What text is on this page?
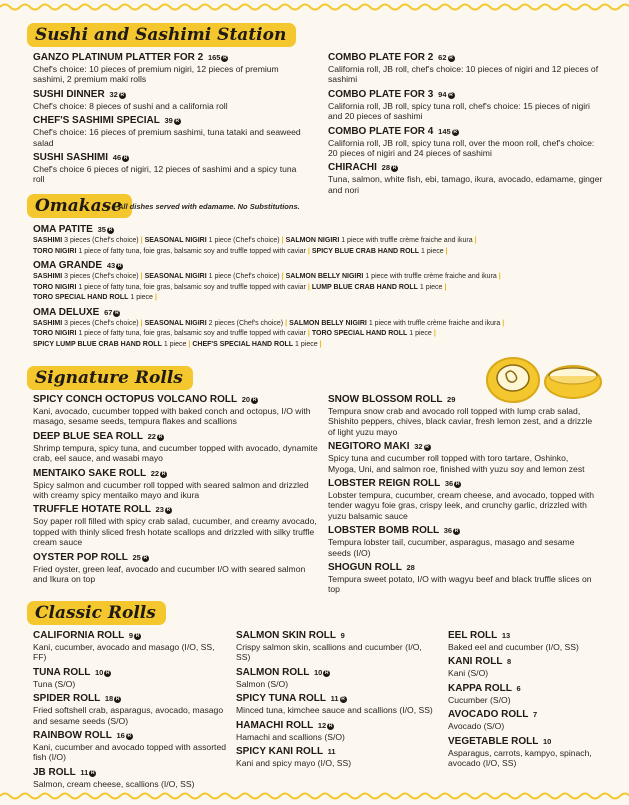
Sushi and Sashimi Station
GANZO PLATINUM PLATTER FOR 2 165 R
Chef's choice: 10 pieces of premium nigiri, 12 pieces of premium sashimi, 2 premium maki rolls
SUSHI DINNER 32 R
Chef's choice: 8 pieces of sushi and a california roll
CHEF'S SASHIMI SPECIAL 39 R
Chef's choice: 16 pieces of premium sashimi, tuna tataki and seaweed salad
SUSHI SASHIMI 46 R
Chef's choice 6 pieces of nigiri, 12 pieces of sashimi and a spicy tuna roll
COMBO PLATE FOR 2 62 R
California roll, JB roll, chef's choice: 10 pieces of nigiri and 12 pieces of sashimi
COMBO PLATE FOR 3 94 R
California roll, JB roll, spicy tuna roll, chef's choice: 15 pieces of nigiri and 20 pieces of sashimi
COMBO PLATE FOR 4 145 R
California roll, JB roll, spicy tuna roll, over the moon roll, chef's choice: 20 pieces of nigiri and 24 pieces of sashimi
CHIRACHI 28 R
Tuna, salmon, white fish, ebi, tamago, ikura, avocado, edamame, ginger and nori
Omakase
All dishes served with edamame. No Substitutions.
OMA PATITE 35 R
SASHIMI 3 pieces (Chef's choice) | SEASONAL NIGIRI 1 piece (Chef's choice) | SALMON NIGIRI 1 piece with truffle crème fraiche and ikura |
TORO NIGIRI 1 piece of fatty tuna, foie gras, balsamic soy and truffle topped with caviar | SPICY BLUE CRAB HAND ROLL 1 piece |
OMA GRANDE 43 R
SASHIMI 3 pieces (Chef's choice) | SEASONAL NIGIRI 1 piece (Chef's choice) | SALMON BELLY NIGIRI 1 piece with truffle crème fraiche and ikura |
TORO NIGIRI 1 piece of fatty tuna, foie gras, balsamic soy and truffle topped with caviar | LUMP BLUE CRAB HAND ROLL 1 piece |
TORO SPECIAL HAND ROLL 1 piece |
OMA DELUXE 67 R
SASHIMI 3 pieces (Chef's choice) | SEASONAL NIGIRI 2 pieces (Chef's choice) | SALMON BELLY NIGIRI 1 piece with truffle crème fraiche and ikura |
TORO NIGIRI 1 piece of fatty tuna, foie gras, balsamic soy and truffle topped with caviar | TORO SPECIAL HAND ROLL 1 piece |
SPICY LUMP BLUE CRAB HAND ROLL 1 piece | CHEF'S SPECIAL HAND ROLL 1 piece |
Signature Rolls
SPICY CONCH OCTOPUS VOLCANO ROLL 20 R
Kani, avocado, cucumber topped with baked conch and octopus, I/O with masago, sesame seeds, tempura flakes and scallions
DEEP BLUE SEA ROLL 22 R
Shrimp tempura, spicy tuna, and cucumber topped with avocado, dynamite crab, eel sauce, and wasabi mayo
MENTAIKO SAKE ROLL 22 R
Spicy salmon and cucumber roll topped with seared salmon and drizzled with creamy spicy mentaiko mayo and ikura
TRUFFLE HOTATE ROLL 23 R
Soy paper roll filled with spicy crab salad, cucumber, and creamy avocado, topped with thinly sliced fresh hotate scallops and drizzled with silky truffle cream sauce
OYSTER POP ROLL 25 R
Fried oyster, green leaf, avocado and cucumber I/O with seared salmon and Ikura on top
SNOW BLOSSOM ROLL 29
Tempura snow crab and avocado roll topped with lump crab salad, Shishito peppers, chives, black caviar, fresh lemon zest, and a drizzle of light yuzu mayo
NEGITORO MAKI 32 R
Spicy tuna and cucumber roll topped with toro tartare, Oshinko, Myoga, Uni, and salmon roe, finished with yuzu soy and lemon zest
LOBSTER REIGN ROLL 36 R
Lobster tempura, cucumber, cream cheese, and avocado, topped with tender wagyu foie gras, crispy leek, and crunchy garlic, drizzled with yuzu balsamic sauce
LOBSTER BOMB ROLL 36 R
Tempura lobster tail, cucumber, asparagus, masago and sesame seeds (I/O)
SHOGUN ROLL 28
Tempura sweet potato, I/O with wagyu beef and black truffle slices on top
Classic Rolls
CALIFORNIA ROLL 9 R
Kani, cucumber, avocado and masago (I/O, SS, FF)
TUNA ROLL 10 R
Tuna (S/O)
SPIDER ROLL 18 R
Fried softshell crab, asparagus, avocado, masago and sesame seeds (S/O)
RAINBOW ROLL 16 R
Kani, cucumber and avocado topped with assorted fish (I/O)
JB ROLL 11 R
Salmon, cream cheese, scallions (I/O, SS)
SALMON SKIN ROLL 9
Crispy salmon skin, scallions and cucumber (I/O, SS)
SALMON ROLL 10 R
Salmon (S/O)
SPICY TUNA ROLL 11 R
Minced tuna, kimchee sauce and scallions (I/O, SS)
HAMACHI ROLL 12 R
Hamachi and scallions (S/O)
SPICY KANI ROLL 11
Kani and spicy mayo (I/O, SS)
EEL ROLL 13
Baked eel and cucumber (I/O, SS)
KANI ROLL 8
Kani (S/O)
KAPPA ROLL 6
Cucumber (S/O)
AVOCADO ROLL 7
Avocado (S/O)
VEGETABLE ROLL 10
Asparagus, carrots, kampyo, spinach, avocado (I/O, SS)
